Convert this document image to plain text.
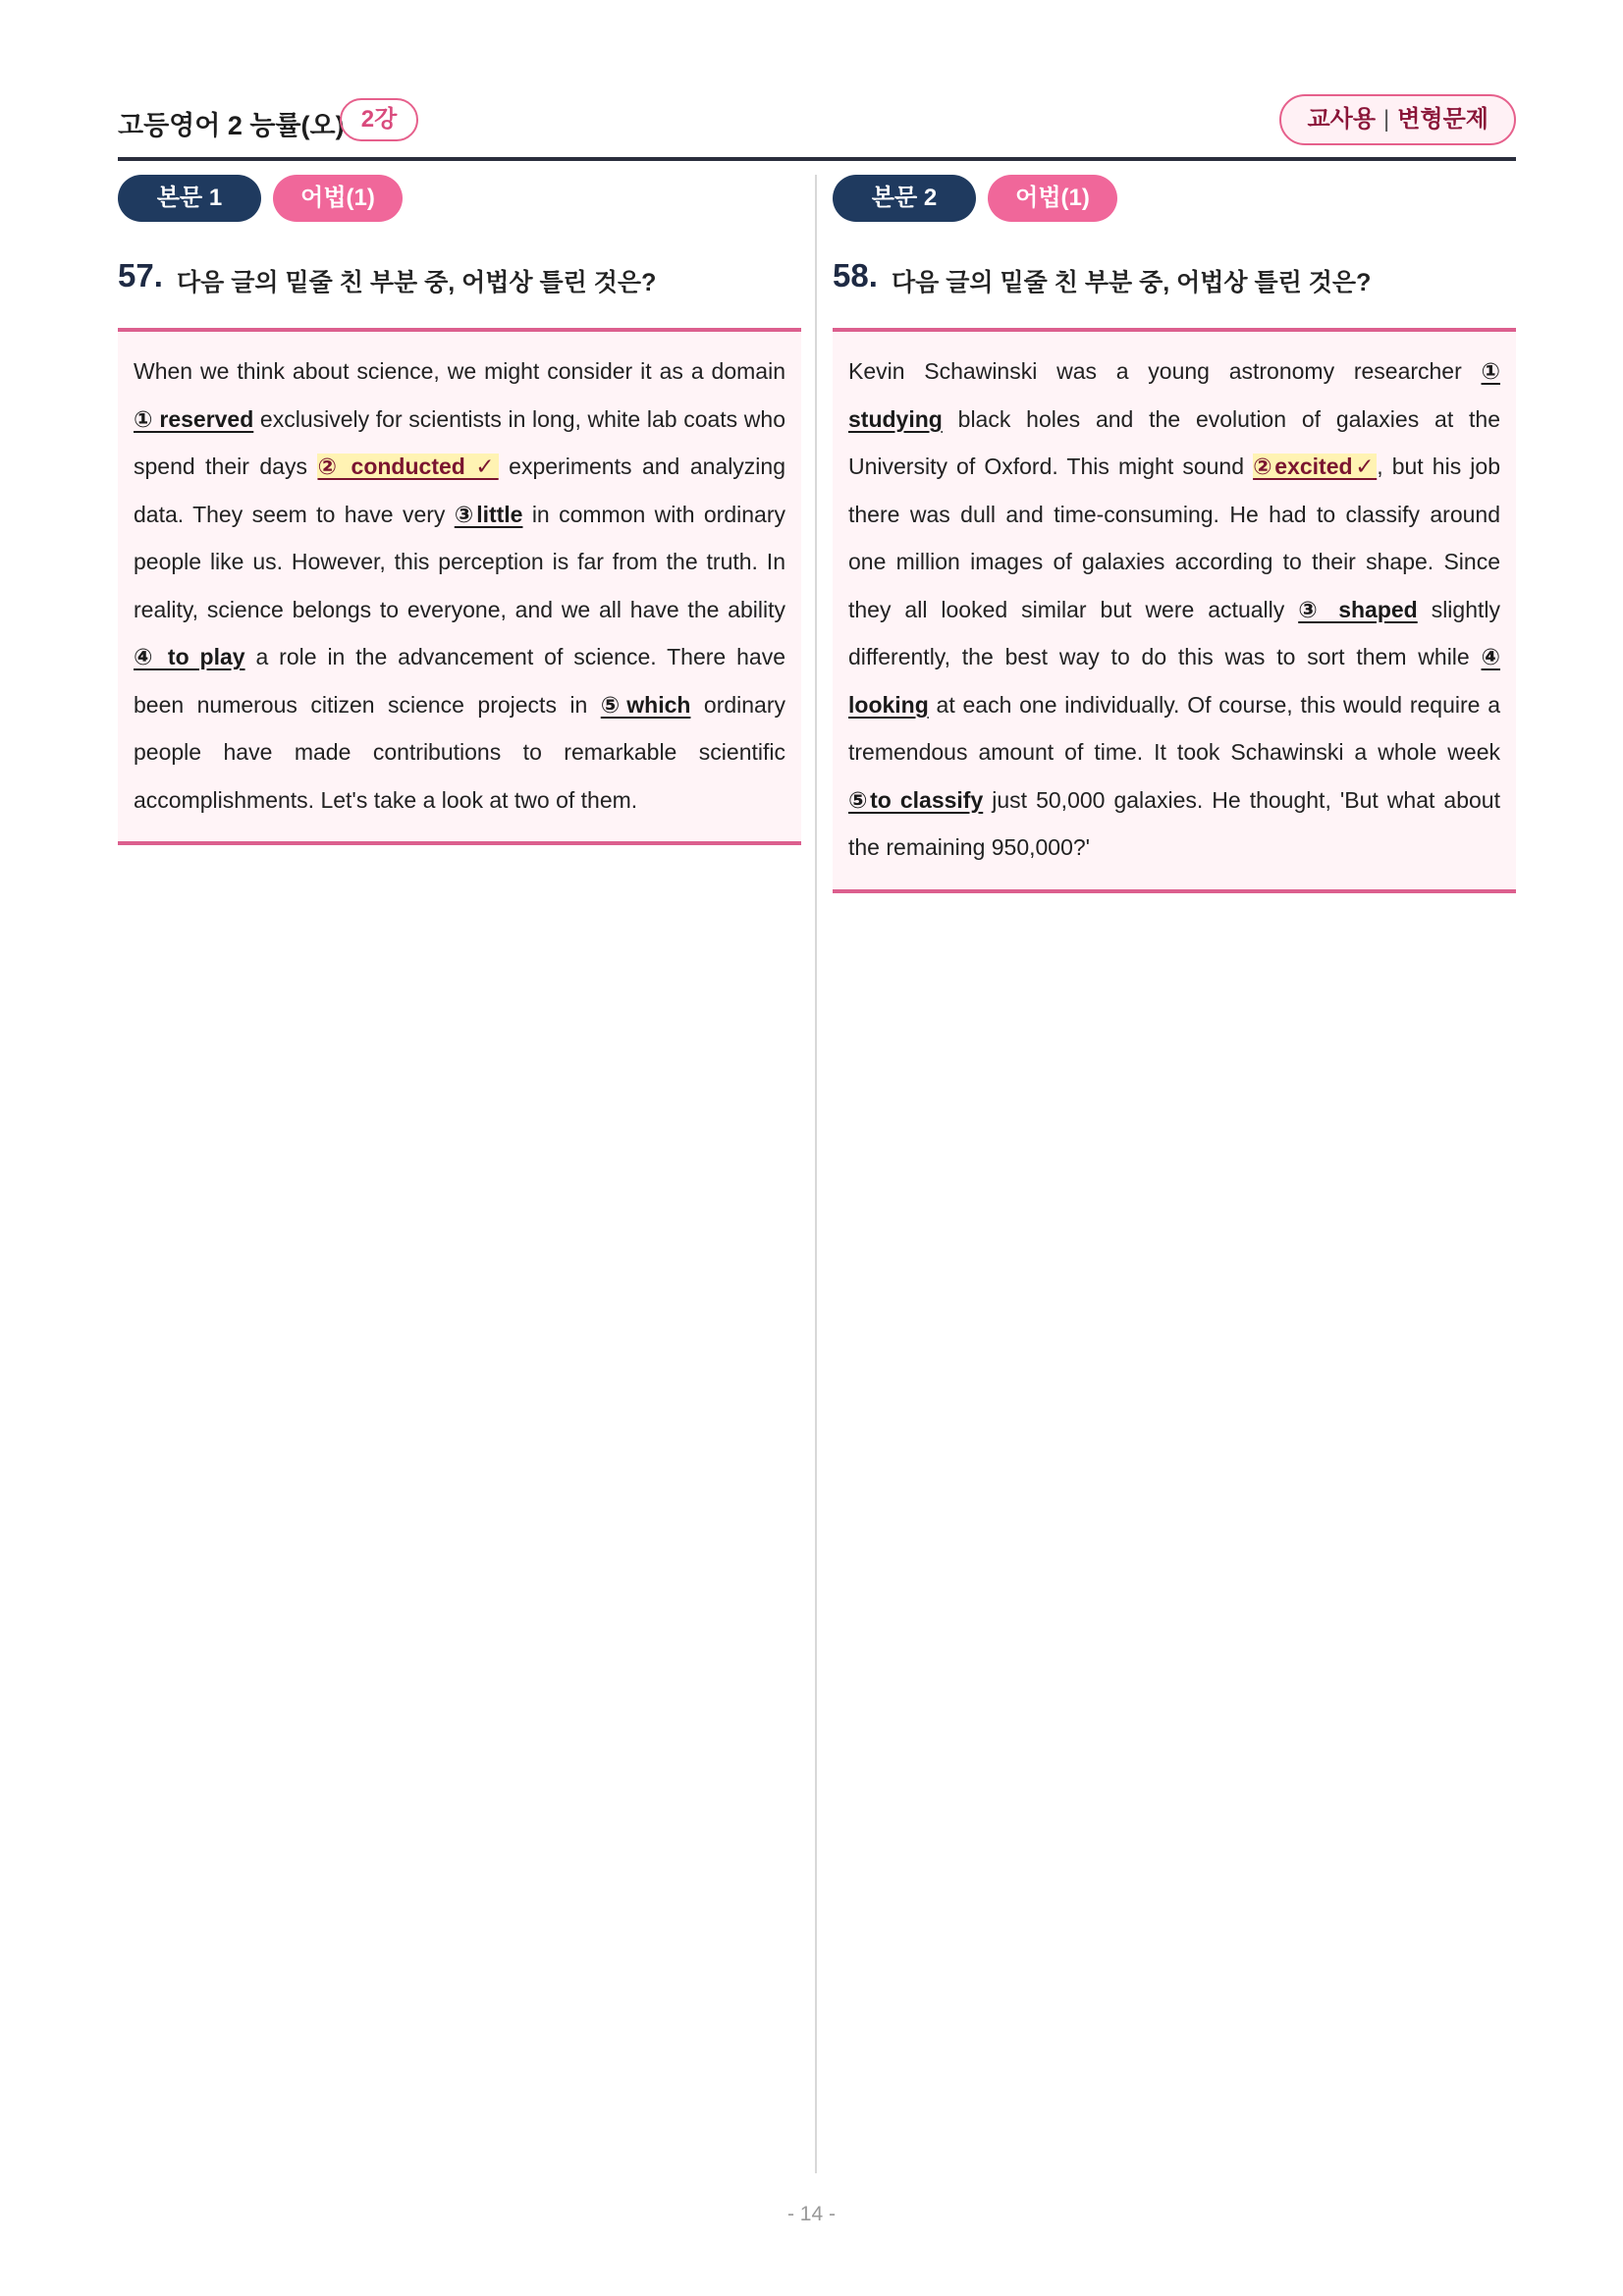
고등영어 2 능률(오) 2강	교사용 | 변형문제
본문 1	어법(1)
57. 다음 글의 밑줄 친 부분 중, 어법상 틀린 것은?

When we think about science, we might consider it as a domain ① reserved exclusively for scientists in long, white lab coats who spend their days ② conducted ✓ experiments and analyzing data. They seem to have very ③little in common with ordinary people like us. However, this perception is far from the truth. In reality, science belongs to everyone, and we all have the ability ④ to play a role in the advancement of science. There have been numerous citizen science projects in ⑤which ordinary people have made contributions to remarkable scientific accomplishments. Let's take a look at two of them.

본문 2	어법(1)
58. 다음 글의 밑줄 친 부분 중, 어법상 틀린 것은?

Kevin Schawinski was a young astronomy researcher ① studying black holes and the evolution of galaxies at the University of Oxford. This might sound ②excited✓, but his job there was dull and time-consuming. He had to classify around one million images of galaxies according to their shape. Since they all looked similar but were actually ③ shaped slightly differently, the best way to do this was to sort them while ④ looking at each one individually. Of course, this would require a tremendous amount of time. It took Schawinski a whole week ⑤to classify just 50,000 galaxies. He thought, 'But what about the remaining 950,000?'

- 14 -
